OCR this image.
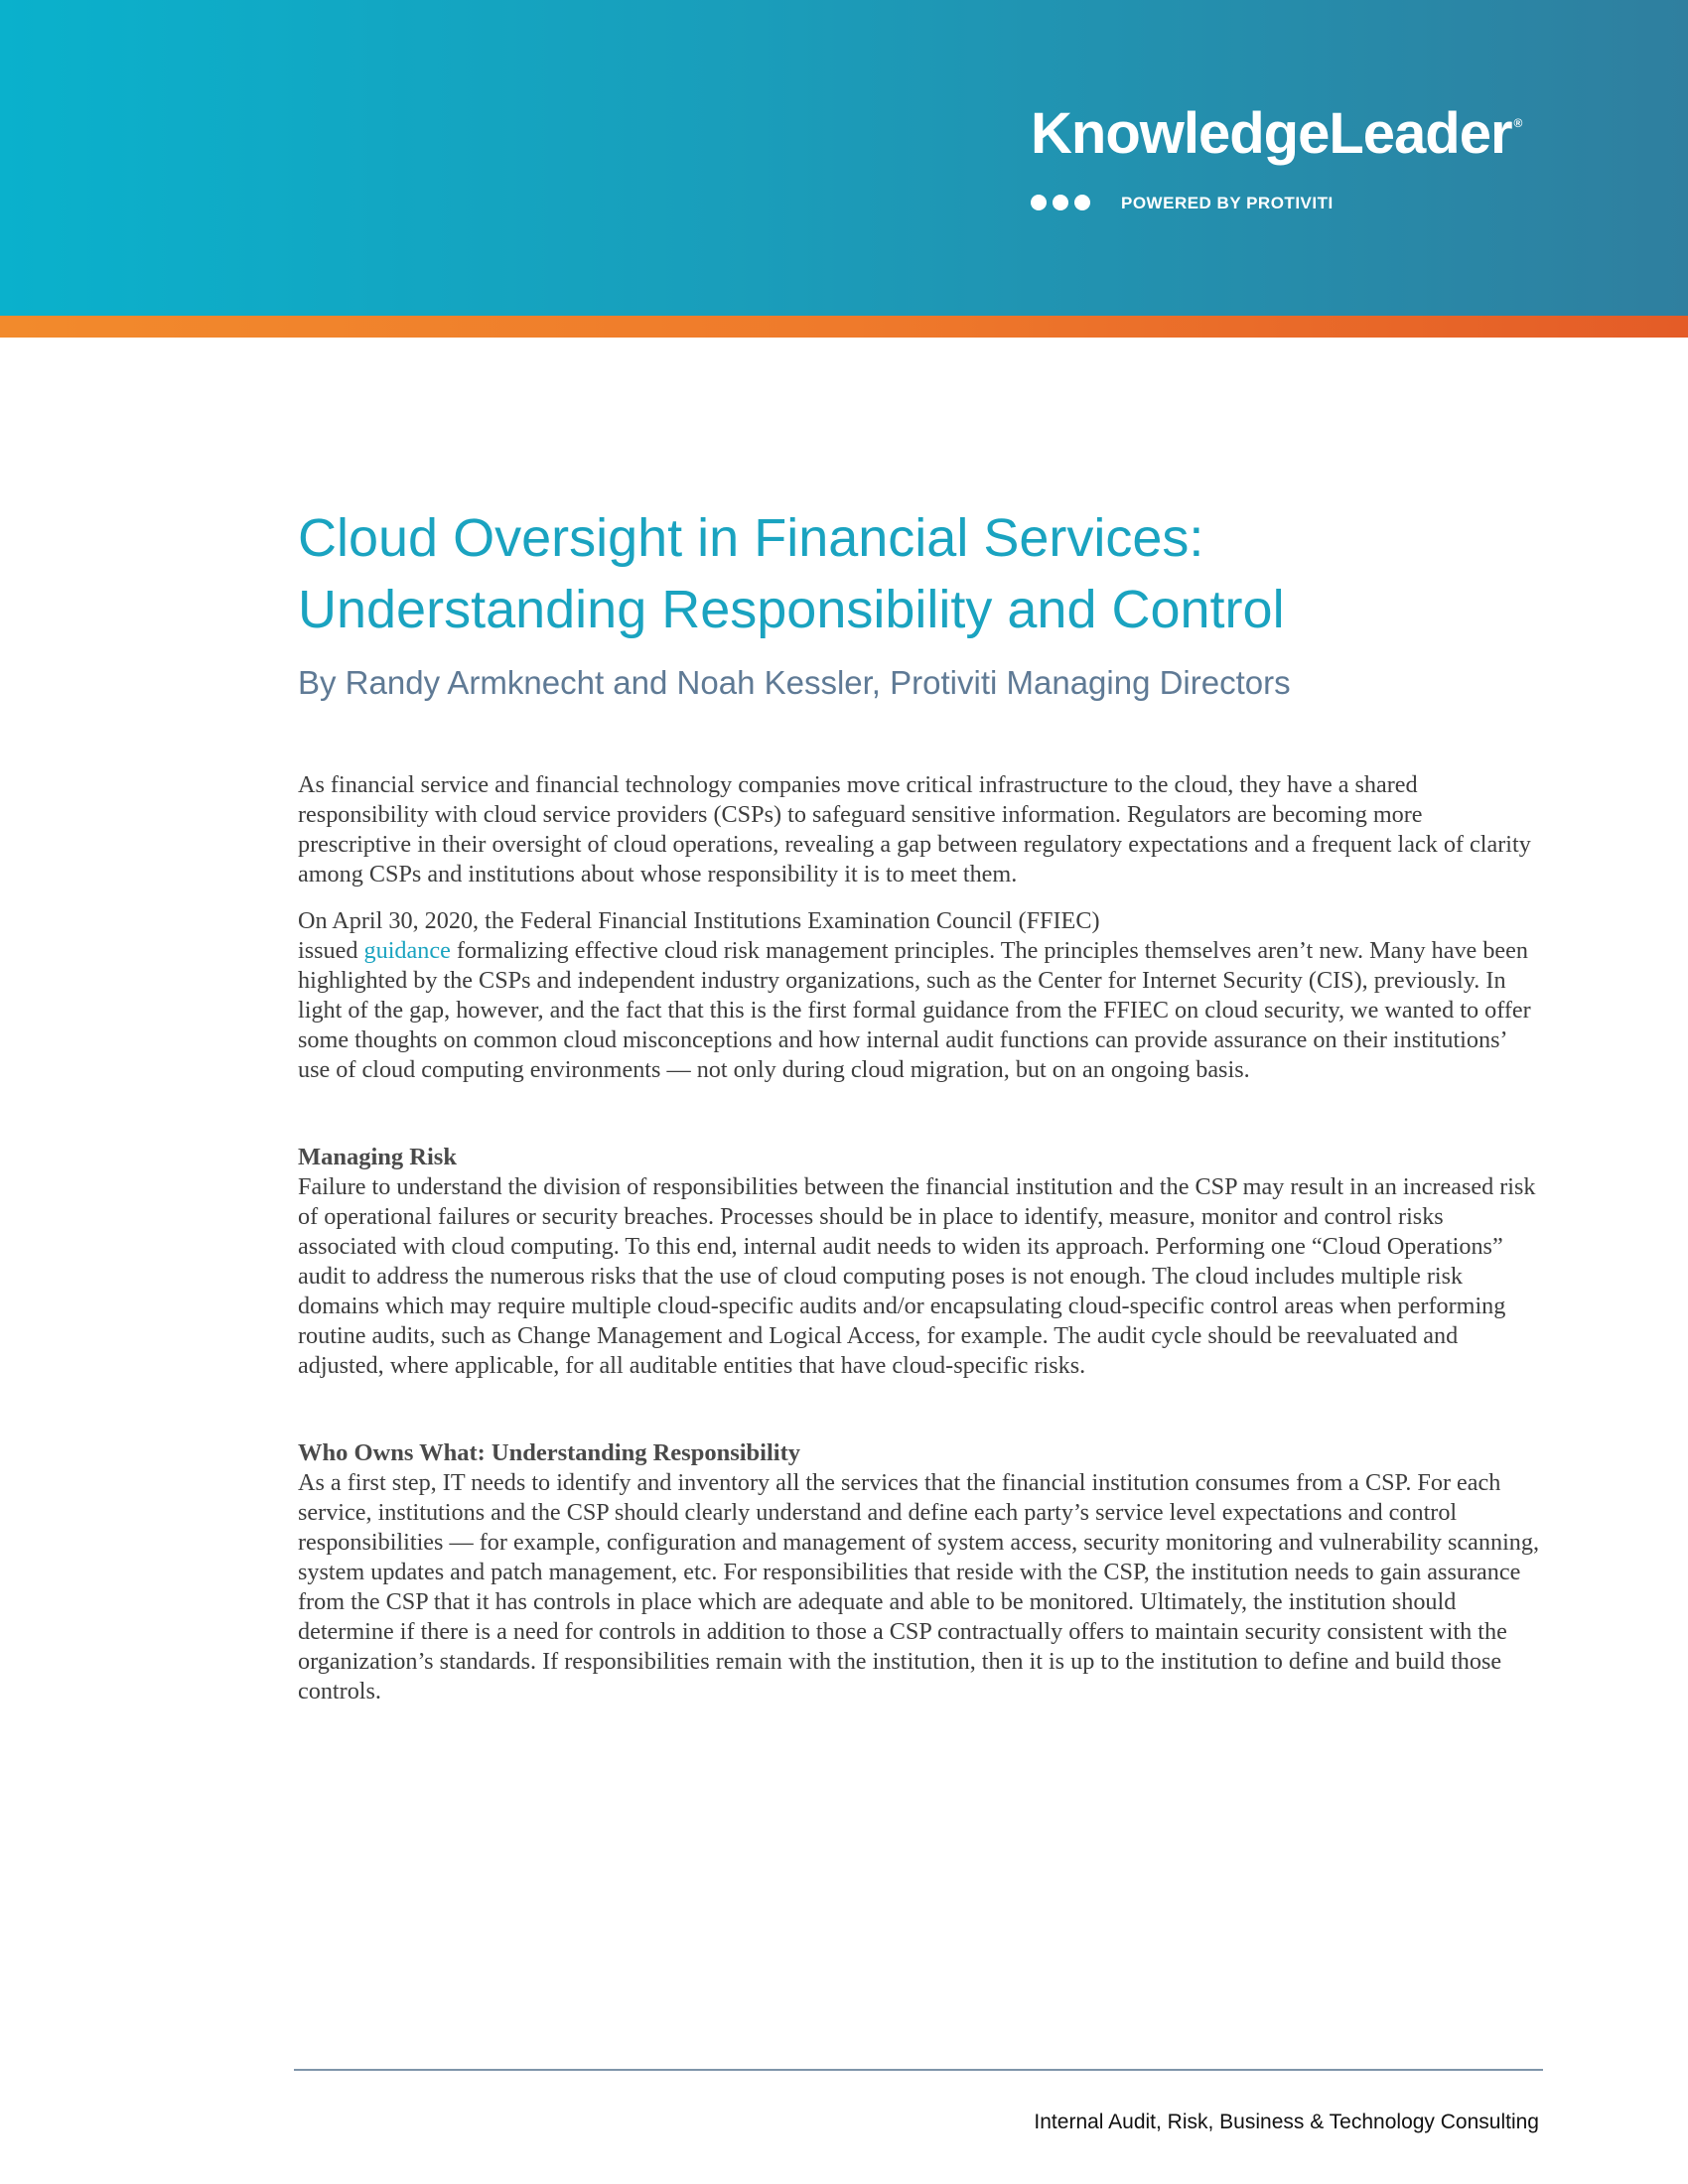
KnowledgeLeader ®
POWERED BY PROTIVITI
Cloud Oversight in Financial Services:
Understanding Responsibility and Control
By Randy Armknecht and Noah Kessler, Protiviti Managing Directors

As financial service and financial technology companies move critical infrastructure to the cloud, they have a shared responsibility with cloud service providers (CSPs) to safeguard sensitive information. Regulators are becoming more prescriptive in their oversight of cloud operations, revealing a gap between regulatory expectations and a frequent lack of clarity among CSPs and institutions about whose responsibility it is to meet them.

On April 30, 2020, the Federal Financial Institutions Examination Council (FFIEC)
issued guidance formalizing effective cloud risk management principles. The principles themselves aren’t new. Many have been highlighted by the CSPs and independent industry organizations, such as the Center for Internet Security (CIS), previously. In light of the gap, however, and the fact that this is the first formal guidance from the FFIEC on cloud security, we wanted to offer some thoughts on common cloud misconceptions and how internal audit functions can provide assurance on their institutions’ use of cloud computing environments — not only during cloud migration, but on an ongoing basis.

Managing Risk

Failure to understand the division of responsibilities between the financial institution and the CSP may result in an increased risk of operational failures or security breaches. Processes should be in place to identify, measure, monitor and control risks associated with cloud computing. To this end, internal audit needs to widen its approach. Performing one “Cloud Operations” audit to address the numerous risks that the use of cloud computing poses is not enough. The cloud includes multiple risk domains which may require multiple cloud-specific audits and/or encapsulating cloud-specific control areas when performing routine audits, such as Change Management and Logical Access, for example. The audit cycle should be reevaluated and adjusted, where applicable, for all auditable entities that have cloud-specific risks.

Who Owns What: Understanding Responsibility

As a first step, IT needs to identify and inventory all the services that the financial institution consumes from a CSP. For each service, institutions and the CSP should clearly understand and define each party’s service level expectations and control responsibilities — for example, configuration and management of system access, security monitoring and vulnerability scanning, system updates and patch management, etc. For responsibilities that reside with the CSP, the institution needs to gain assurance from the CSP that it has controls in place which are adequate and able to be monitored. Ultimately, the institution should determine if there is a need for controls in addition to those a CSP contractually offers to maintain security consistent with the organization’s standards. If responsibilities remain with the institution, then it is up to the institution to define and build those controls.

Internal Audit, Risk, Business & Technology Consulting
